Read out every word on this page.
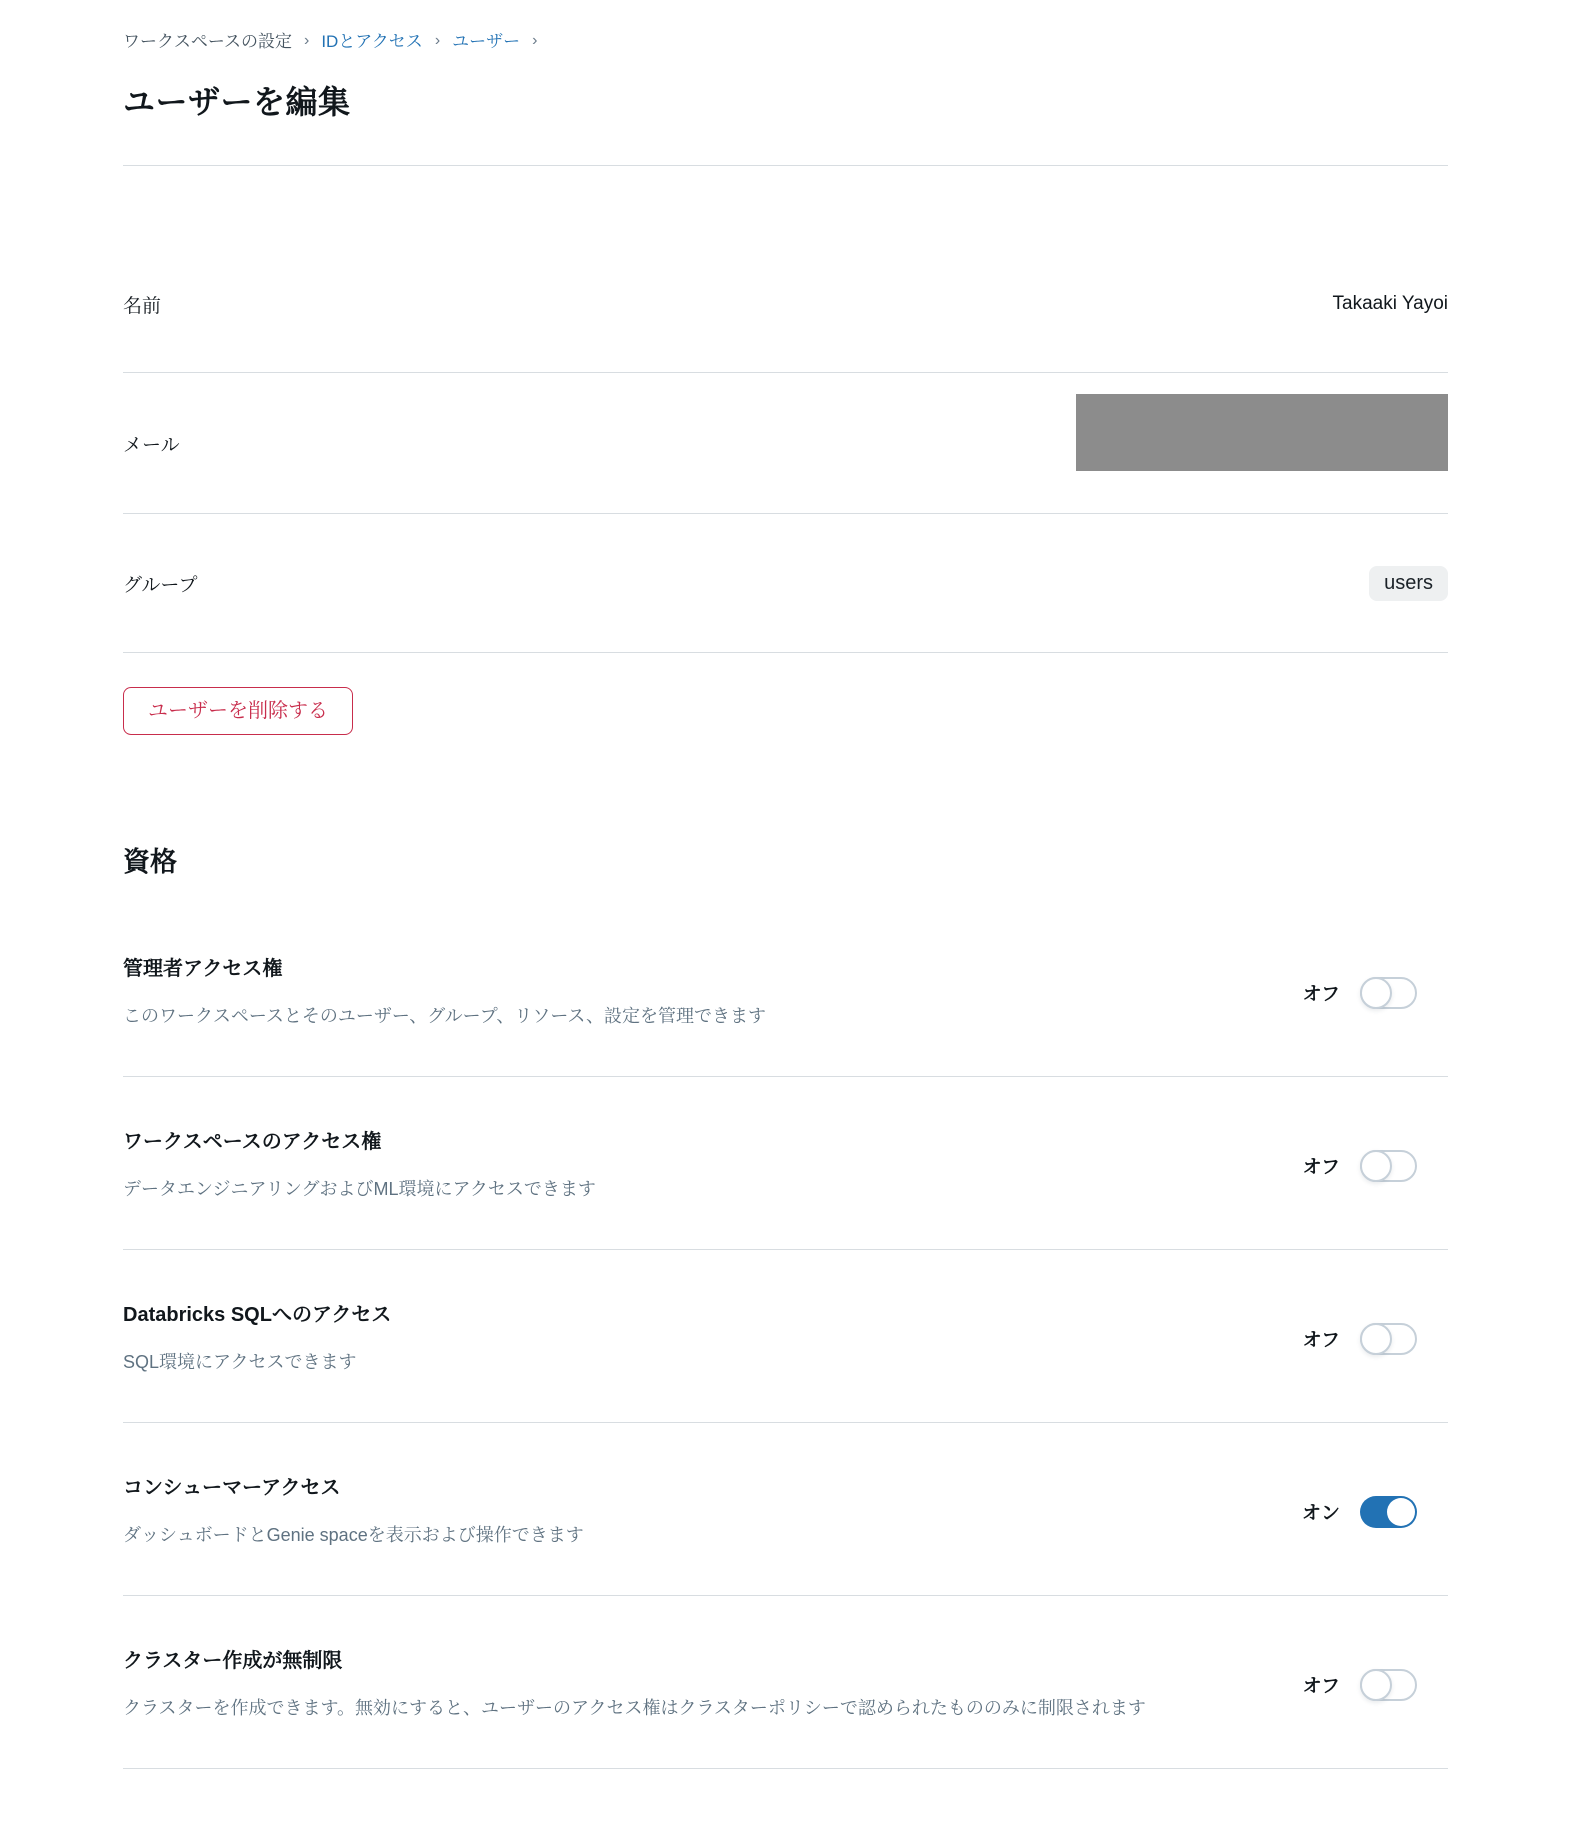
ワークスペースの設定 › IDとアクセス › ユーザー ›
ユーザーを編集
名前	Takaaki Yayoi
メール
グループ	users
ユーザーを削除する
資格
管理者アクセス権
このワークスペースとそのユーザー、グループ、リソース、設定を管理できます
オフ
ワークスペースのアクセス権
データエンジニアリングおよびML環境にアクセスできます
オフ
Databricks SQLへのアクセス
SQL環境にアクセスできます
オフ
コンシューマーアクセス
ダッシュボードとGenie spaceを表示および操作できます
オン
クラスター作成が無制限
クラスターを作成できます。無効にすると、ユーザーのアクセス権はクラスターポリシーで認められたもののみに制限されます
オフ
